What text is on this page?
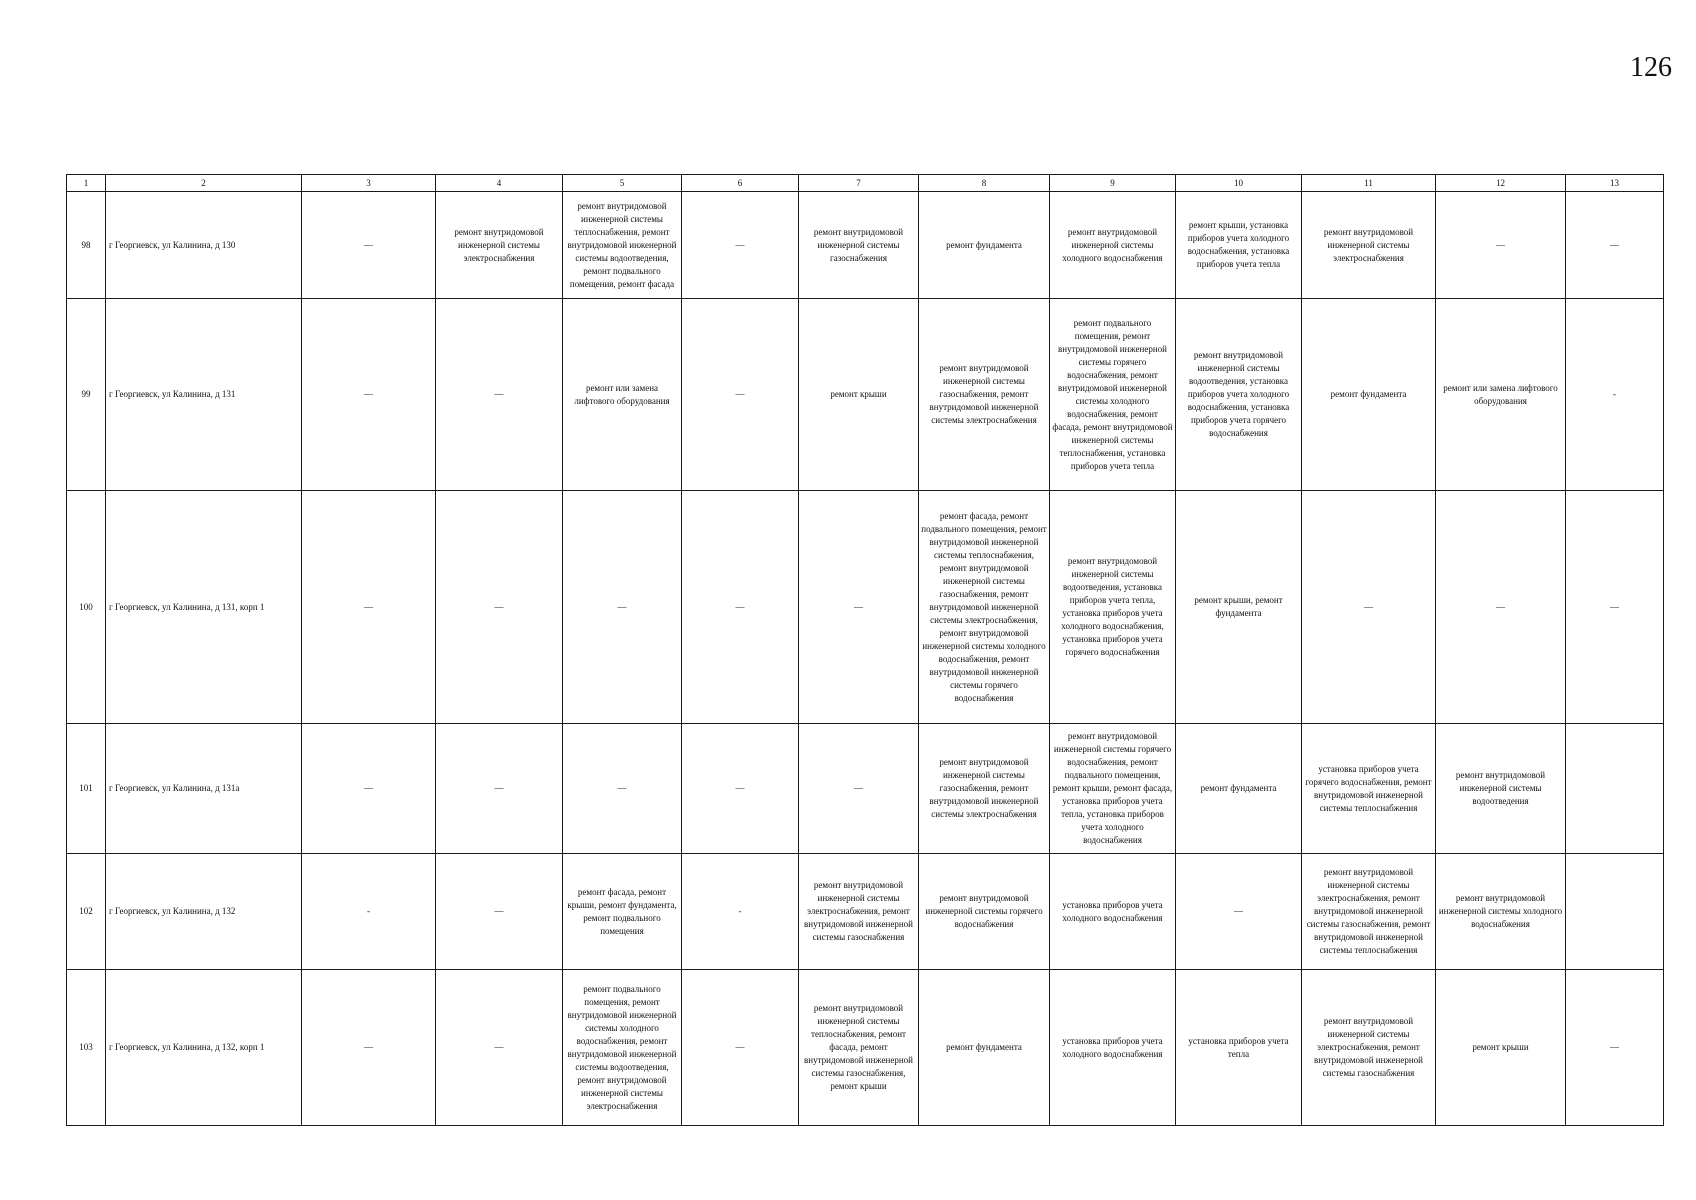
126
1	2	3	4	5	6	7	8	9	10	11	12	13
98	г Георгиевск, ул Калинина, д 130	—	ремонт внутридомовой инженерной системы электроснабжения	ремонт внутридомовой инженерной системы теплоснабжения, ремонт внутридомовой инженерной системы водоотведения, ремонт подвального помещения, ремонт фасада	—	ремонт внутридомовой инженерной системы газоснабжения	ремонт фундамента	ремонт внутридомовой инженерной системы холодного водоснабжения	ремонт крыши, установка приборов учета холодного водоснабжения, установка приборов учета тепла	ремонт внутридомовой инженерной системы электроснабжения	—	—
99	г Георгиевск, ул Калинина, д 131	—	—	ремонт или замена лифтового оборудования	—	ремонт крыши	ремонт внутридомовой инженерной системы газоснабжения, ремонт внутридомовой инженерной системы электроснабжения	ремонт подвального помещения, ремонт внутридомовой инженерной системы горячего водоснабжения, ремонт внутридомовой инженерной системы холодного водоснабжения, ремонт фасада, ремонт внутридомовой инженерной системы теплоснабжения, установка приборов учета тепла	ремонт внутридомовой инженерной системы водоотведения, установка приборов учета холодного водоснабжения, установка приборов учета горячего водоснабжения	ремонт фундамента	ремонт или замена лифтового оборудования	-
100	г Георгиевск, ул Калинина, д 131, корп 1	—	—	—	—	—	ремонт фасада, ремонт подвального помещения, ремонт внутридомовой инженерной системы теплоснабжения, ремонт внутридомовой инженерной системы газоснабжения, ремонт внутридомовой инженерной системы электроснабжения, ремонт внутридомовой инженерной системы холодного водоснабжения, ремонт внутридомовой инженерной системы горячего водоснабжения	ремонт внутридомовой инженерной системы водоотведения, установка приборов учета тепла, установка приборов учета холодного водоснабжения, установка приборов учета горячего водоснабжения	ремонт крыши, ремонт фундамента	—	—	—
101	г Георгиевск, ул Калинина, д 131а	—	—	—	—	—	ремонт внутридомовой инженерной системы газоснабжения, ремонт внутридомовой инженерной системы электроснабжения	ремонт внутридомовой инженерной системы горячего водоснабжения, ремонт подвального помещения, ремонт крыши, ремонт фасада, установка приборов учета тепла, установка приборов учета холодного водоснабжения	ремонт фундамента	установка приборов учета горячего водоснабжения, ремонт внутридомовой инженерной системы теплоснабжения	ремонт внутридомовой инженерной системы водоотведения	
102	г Георгиевск, ул Калинина, д 132	-	—	ремонт фасада, ремонт крыши, ремонт фундамента, ремонт подвального помещения	-	ремонт внутридомовой инженерной системы электроснабжения, ремонт внутридомовой инженерной системы газоснабжения	ремонт внутридомовой инженерной системы горячего водоснабжения	установка приборов учета холодного водоснабжения	—	ремонт внутридомовой инженерной системы электроснабжения, ремонт внутридомовой инженерной системы газоснабжения, ремонт внутридомовой инженерной системы теплоснабжения	ремонт внутридомовой инженерной системы холодного водоснабжения	
103	г Георгиевск, ул Калинина, д 132, корп 1	—	—	ремонт подвального помещения, ремонт внутридомовой инженерной системы холодного водоснабжения, ремонт внутридомовой инженерной системы водоотведения, ремонт внутридомовой инженерной системы электроснабжения	—	ремонт внутридомовой инженерной системы теплоснабжения, ремонт фасада, ремонт внутридомовой инженерной системы газоснабжения, ремонт крыши	ремонт фундамента	установка приборов учета холодного водоснабжения	установка приборов учета тепла	ремонт внутридомовой инженерной системы электроснабжения, ремонт внутридомовой инженерной системы газоснабжения	ремонт крыши	—
